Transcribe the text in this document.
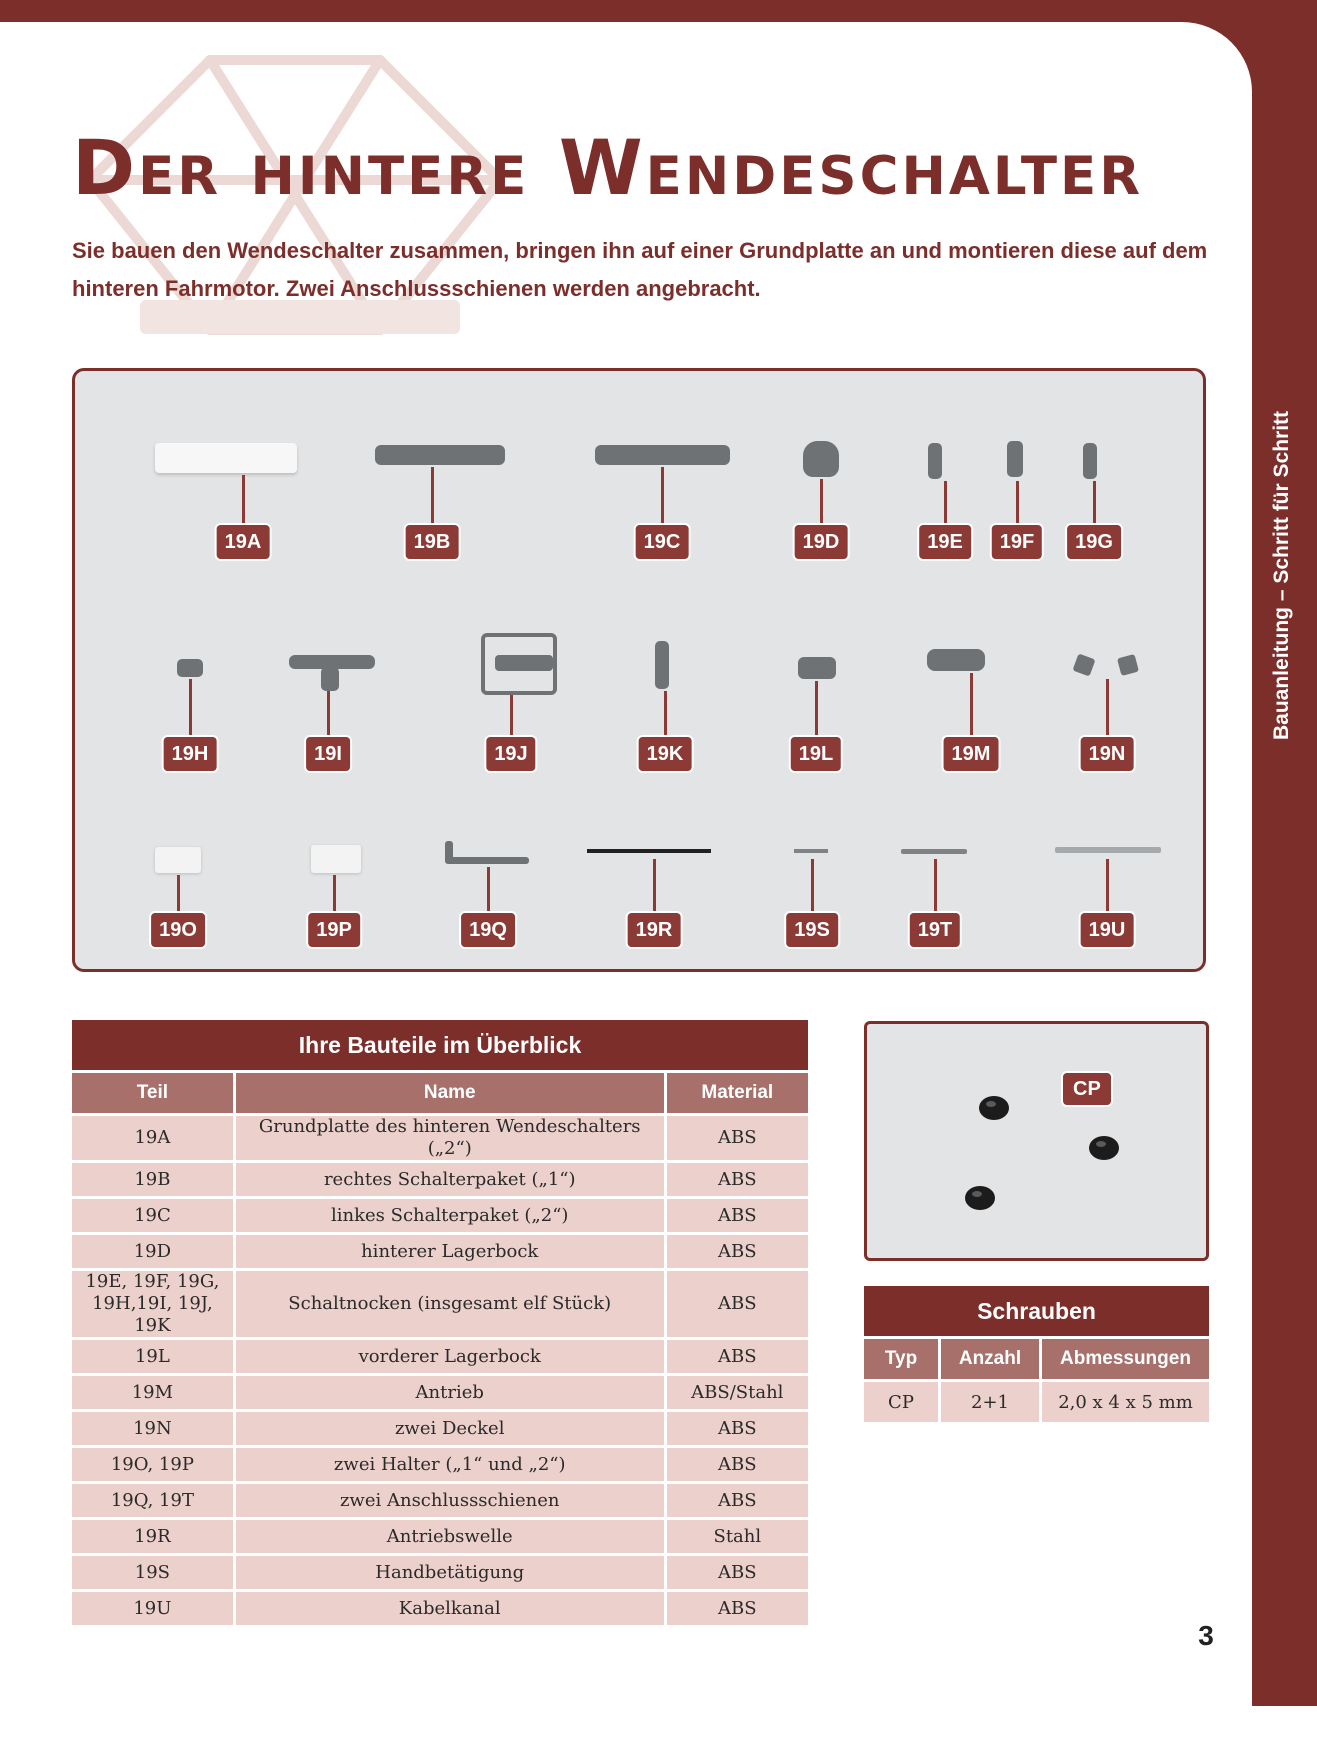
Bauanleitung – Schritt für Schritt
Der hintere Wendeschalter

Sie bauen den Wendeschalter zusammen, bringen ihn auf einer Grundplatte an und montieren diese auf dem hinteren Fahrmotor. Zwei Anschlussschienen werden angebracht.

19A	19B	19C	19D	19E	19F	19G
19H	19I	19J	19K	19L	19M	19N
19O	19P	19Q	19R	19S	19T	19U
Ihre Bauteile im Überblick		
Teil	Name	Material
19A	Grundplatte des hinteren Wendeschalters („2“)	ABS
19B	rechtes Schalterpaket („1“)	ABS
19C	linkes Schalterpaket („2“)	ABS
19D	hinterer Lagerbock	ABS

19E, 19F, 19G,
19H,19I, 19J, 19K	Schaltnocken (insgesamt elf Stück)	ABS
19L	vorderer Lagerbock	ABS
19M	Antrieb	ABS/Stahl
19N	zwei Deckel	ABS
19O, 19P	zwei Halter („1“ und „2“)	ABS
19Q, 19T	zwei Anschlussschienen	ABS
19R	Antriebswelle	Stahl
19S	Handbetätigung	ABS
19U	Kabelkanal	ABS
CP
Schrauben		
Typ	Anzahl	Abmessungen
CP	2+1	2,0 x 4 x 5 mm
3
